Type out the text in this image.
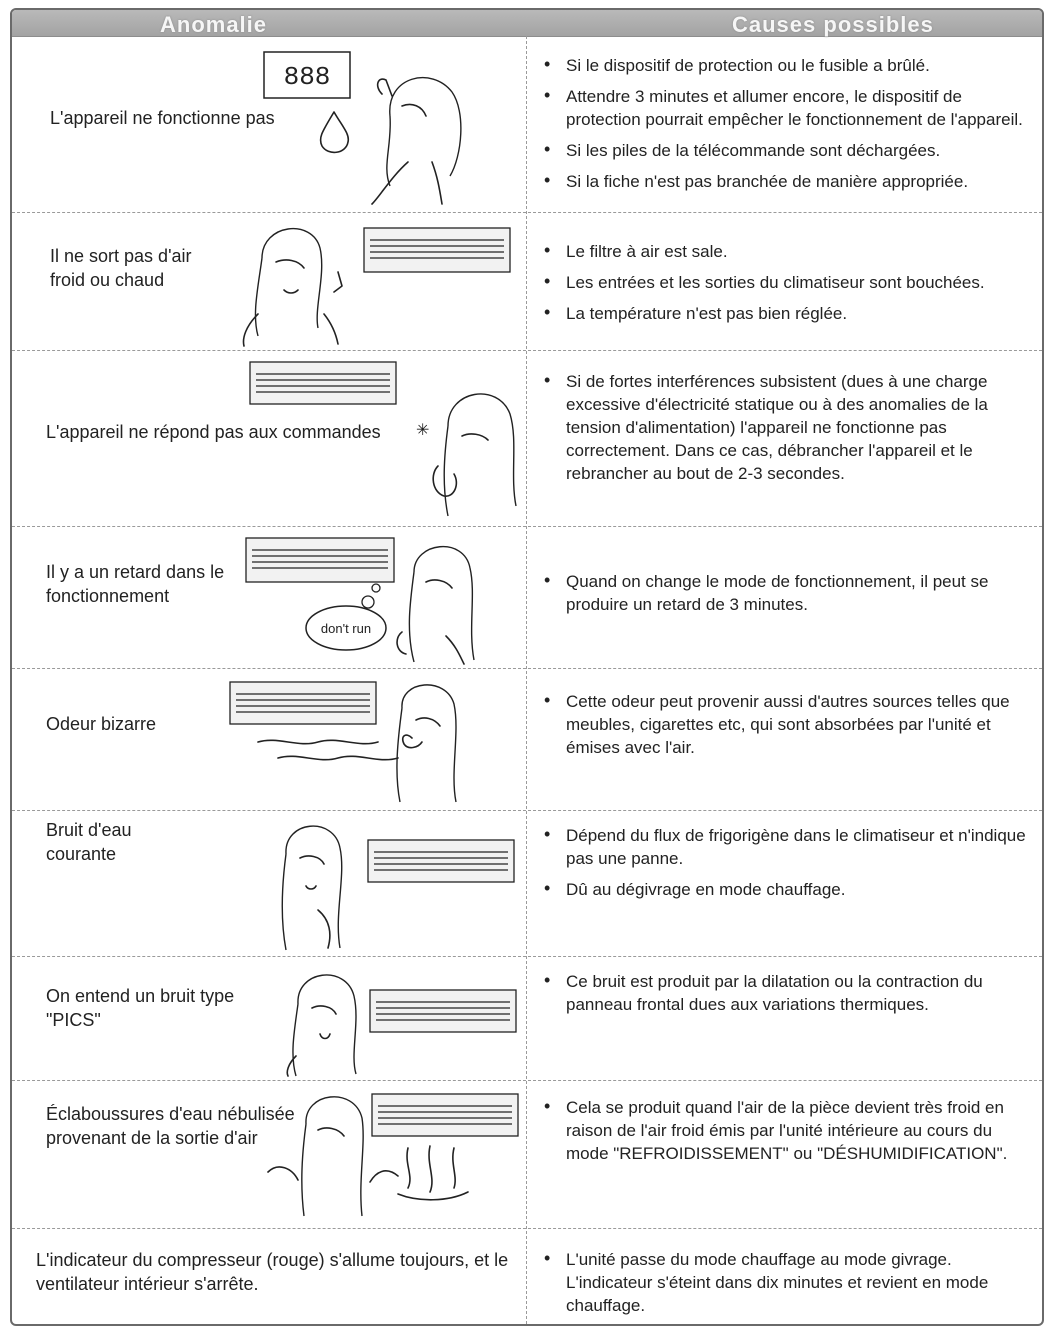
Anomalie	Causes possibles
L'appareil ne fonctionne pas
888
•	Si le dispositif de protection ou le fusible a brûlé.
• Attendre 3 minutes et allumer encore, le dispositif de protection pourrait empêcher le fonctionnement de l'appareil.
• Si les piles de la télécommande sont déchargées.
• Si la fiche n'est pas branchée de manière appropriée.
Il ne sort pas d'air froid ou chaud
• Le filtre à air est sale.
• Les entrées et les sorties du climatiseur sont bouchées.
• La température n'est pas bien réglée.
L'appareil ne répond pas aux commandes	✳
• Si de fortes interférences subsistent (dues à une charge excessive d'électricité statique ou à des anomalies de la tension d'alimentation) l'appareil ne fonctionne pas correctement. Dans ce cas, débrancher l'appareil et le rebrancher au bout de 2-3 secondes.
Il y a un retard dans le fonctionnement
don't run
• Quand on change le mode de fonctionnement, il peut se produire un retard de 3 minutes.
Odeur bizarre
• Cette odeur peut provenir aussi d'autres sources telles que meubles, cigarettes etc, qui sont absorbées par l'unité et émises avec l'air.
Bruit d'eau courante
• Dépend du flux de frigorigène dans le climatiseur et n'indique pas une panne.
• Dû au dégivrage en mode chauffage.
On entend un bruit type "PICS"
• Ce bruit est produit par la dilatation ou la contraction du panneau frontal dues aux variations thermiques.
Éclaboussures d'eau nébulisée provenant de la sortie d'air
• Cela se produit quand l'air de la pièce devient très froid en raison de l'air froid émis par l'unité intérieure au cours du mode "REFROIDISSEMENT" ou "DÉSHUMIDIFICATION".
L'indicateur du compresseur (rouge) s'allume toujours, et le ventilateur intérieur s'arrête.
• L'unité passe du mode chauffage au mode givrage. L'indicateur s'éteint dans dix minutes et revient en mode chauffage.
